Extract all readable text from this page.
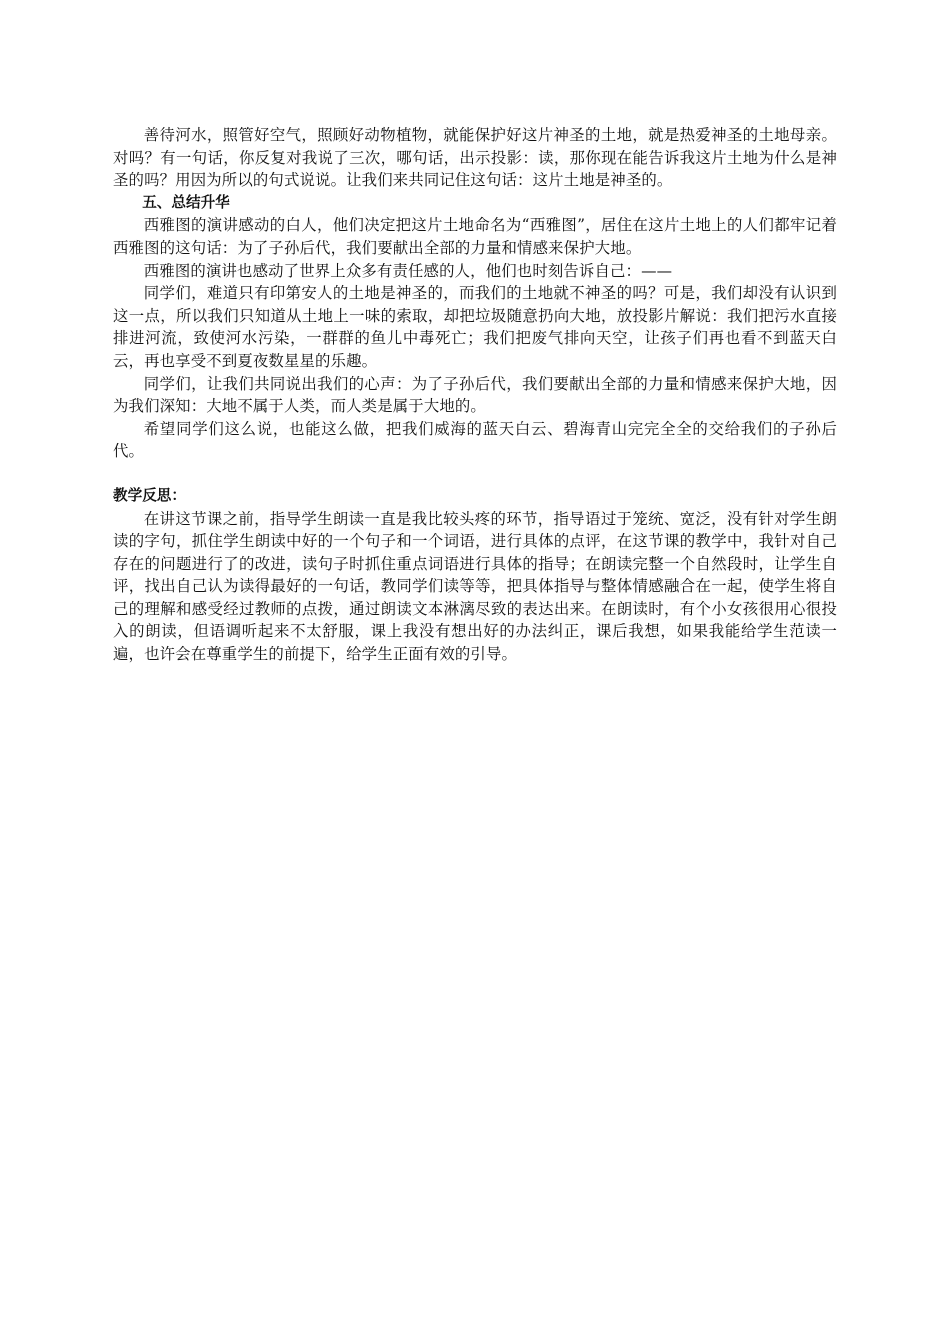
善待河水，照管好空气，照顾好动物植物，就能保护好这片神圣的土地，就是热爱神圣的土地母亲。对吗？有一句话，你反复对我说了三次，哪句话，出示投影：读，那你现在能告诉我这片土地为什么是神圣的吗？用因为所以的句式说说。让我们来共同记住这句话：这片土地是神圣的。

五、总结升华

西雅图的演讲感动的白人，他们决定把这片土地命名为“西雅图”，居住在这片土地上的人们都牢记着西雅图的这句话：为了子孙后代，我们要献出全部的力量和情感来保护大地。

西雅图的演讲也感动了世界上众多有责任感的人，他们也时刻告诉自己：——

同学们，难道只有印第安人的土地是神圣的，而我们的土地就不神圣的吗？可是，我们却没有认识到这一点，所以我们只知道从土地上一味的索取，却把垃圾随意扔向大地，放投影片解说：我们把污水直接排进河流，致使河水污染，一群群的鱼儿中毒死亡；我们把废气排向天空，让孩子们再也看不到蓝天白云，再也享受不到夏夜数星星的乐趣。

同学们，让我们共同说出我们的心声：为了子孙后代，我们要献出全部的力量和情感来保护大地，因为我们深知：大地不属于人类，而人类是属于大地的。

希望同学们这么说，也能这么做，把我们威海的蓝天白云、碧海青山完完全全的交给我们的子孙后代。

教学反思：

在讲这节课之前，指导学生朗读一直是我比较头疼的环节，指导语过于笼统、宽泛，没有针对学生朗读的字句，抓住学生朗读中好的一个句子和一个词语，进行具体的点评，在这节课的教学中，我针对自己存在的问题进行了的改进，读句子时抓住重点词语进行具体的指导；在朗读完整一个自然段时，让学生自评，找出自己认为读得最好的一句话，教同学们读等等，把具体指导与整体情感融合在一起，使学生将自己的理解和感受经过教师的点拨，通过朗读文本淋漓尽致的表达出来。在朗读时，有个小女孩很用心很投入的朗读，但语调听起来不太舒服，课上我没有想出好的办法纠正，课后我想，如果我能给学生范读一遍，也许会在尊重学生的前提下，给学生正面有效的引导。
